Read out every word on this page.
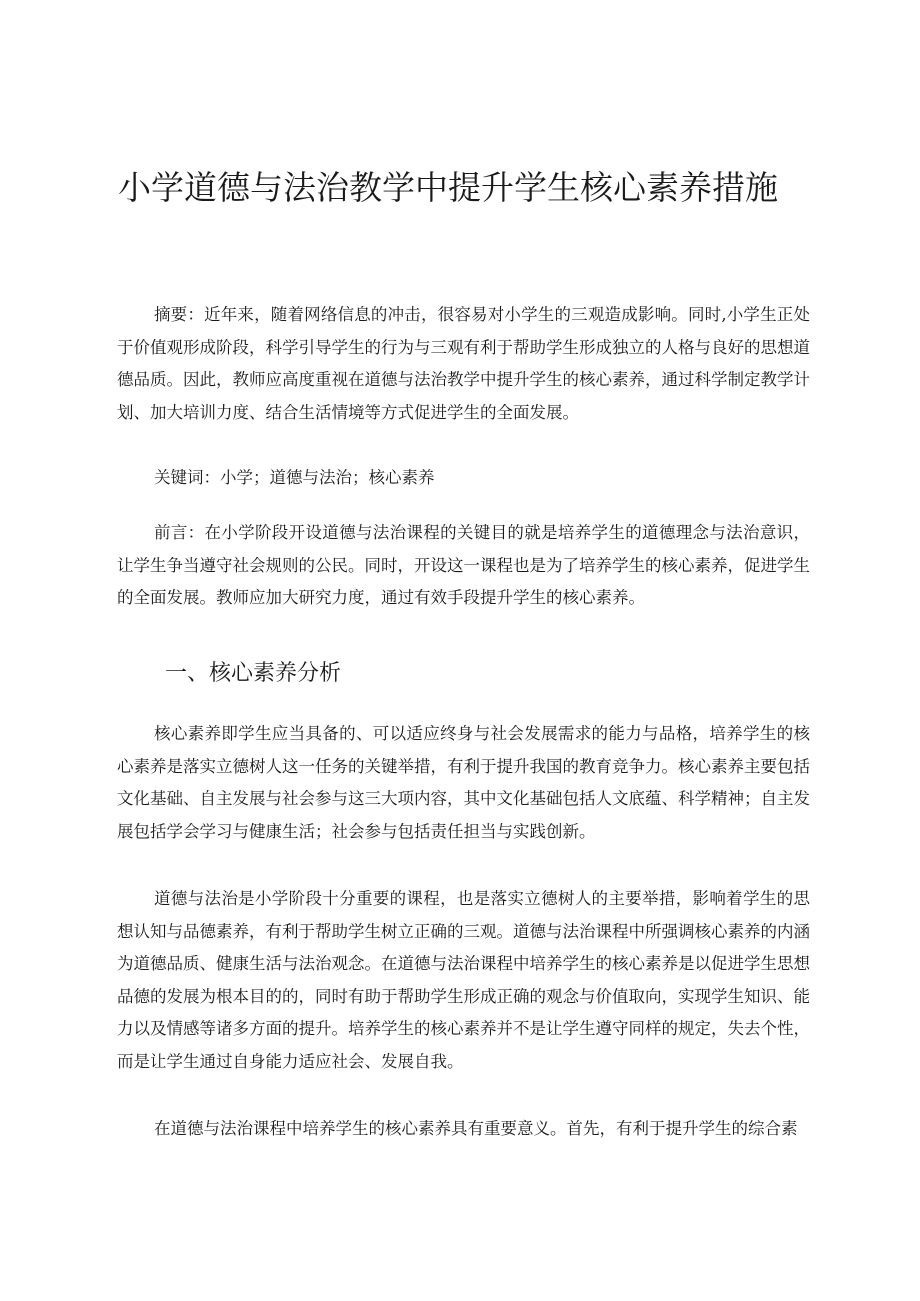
小学道德与法治教学中提升学生核心素养措施

摘要：近年来，随着网络信息的冲击，很容易对小学生的三观造成影响。同时,小学生正处于价值观形成阶段，科学引导学生的行为与三观有利于帮助学生形成独立的人格与良好的思想道德品质。因此，教师应高度重视在道德与法治教学中提升学生的核心素养，通过科学制定教学计划、加大培训力度、结合生活情境等方式促进学生的全面发展。

关键词：小学；道德与法治；核心素养

前言：在小学阶段开设道德与法治课程的关键目的就是培养学生的道德理念与法治意识，让学生争当遵守社会规则的公民。同时，开设这一课程也是为了培养学生的核心素养，促进学生的全面发展。教师应加大研究力度，通过有效手段提升学生的核心素养。

一、核心素养分析

核心素养即学生应当具备的、可以适应终身与社会发展需求的能力与品格，培养学生的核心素养是落实立德树人这一任务的关键举措，有利于提升我国的教育竞争力。核心素养主要包括文化基础、自主发展与社会参与这三大项内容，其中文化基础包括人文底蕴、科学精神；自主发展包括学会学习与健康生活；社会参与包括责任担当与实践创新。

道德与法治是小学阶段十分重要的课程，也是落实立德树人的主要举措，影响着学生的思想认知与品德素养，有利于帮助学生树立正确的三观。道德与法治课程中所强调核心素养的内涵为道德品质、健康生活与法治观念。在道德与法治课程中培养学生的核心素养是以促进学生思想品德的发展为根本目的的，同时有助于帮助学生形成正确的观念与价值取向，实现学生知识、能力以及情感等诸多方面的提升。培养学生的核心素养并不是让学生遵守同样的规定，失去个性，而是让学生通过自身能力适应社会、发展自我。

在道德与法治课程中培养学生的核心素养具有重要意义。首先，有利于提升学生的综合素
